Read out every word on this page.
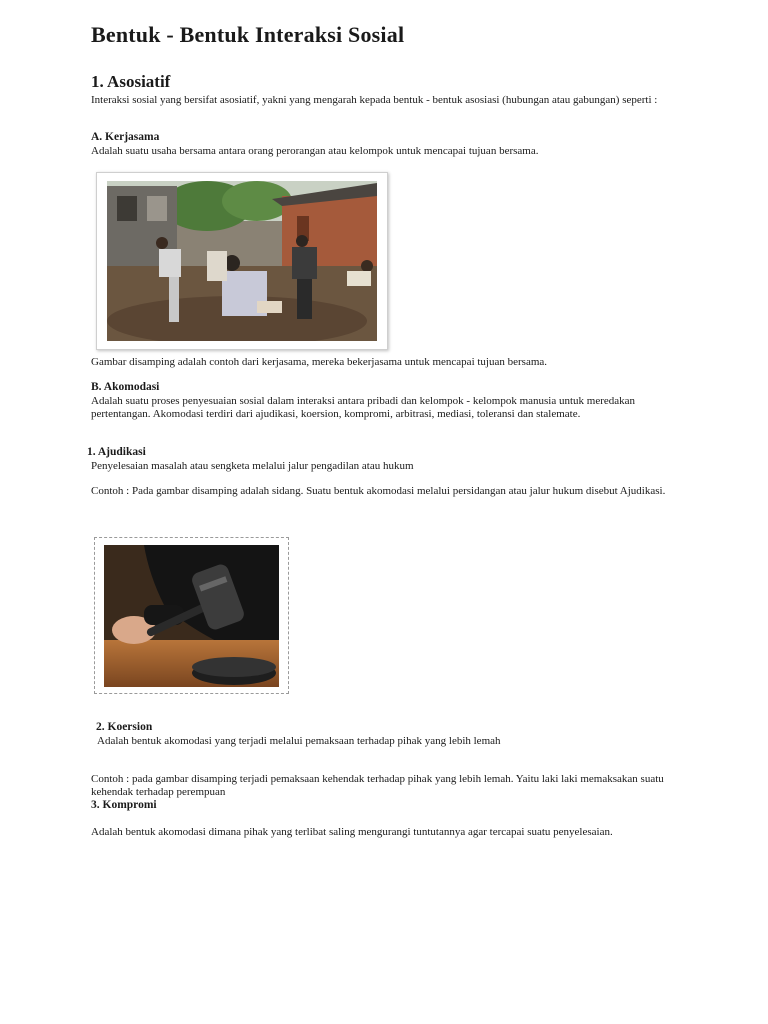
Bentuk - Bentuk Interaksi Sosial
1. Asosiatif

Interaksi sosial yang bersifat asosiatif, yakni yang mengarah kepada bentuk - bentuk asosiasi (hubungan atau gabungan) seperti :

A. Kerjasama

Adalah suatu usaha bersama antara orang perorangan atau kelompok untuk mencapai tujuan bersama.

Gambar disamping adalah contoh dari kerjasama, mereka bekerjasama untuk mencapai tujuan bersama.

B. Akomodasi

Adalah suatu proses penyesuaian sosial dalam interaksi antara pribadi dan kelompok - kelompok manusia untuk meredakan pertentangan. Akomodasi terdiri dari ajudikasi, koersion, kompromi, arbitrasi, mediasi, toleransi dan stalemate.

1. Ajudikasi

Penyelesaian masalah atau sengketa melalui jalur pengadilan atau hukum

Contoh : Pada gambar disamping adalah sidang. Suatu bentuk akomodasi melalui persidangan atau jalur hukum disebut Ajudikasi.

2. Koersion

Adalah bentuk akomodasi yang terjadi melalui pemaksaan terhadap pihak yang lebih lemah

Contoh : pada gambar disamping terjadi pemaksaan kehendak terhadap pihak yang lebih lemah. Yaitu laki laki memaksakan suatu kehendak terhadap perempuan

3. Kompromi

Adalah bentuk akomodasi dimana pihak yang terlibat saling mengurangi tuntutannya agar tercapai suatu penyelesaian.
